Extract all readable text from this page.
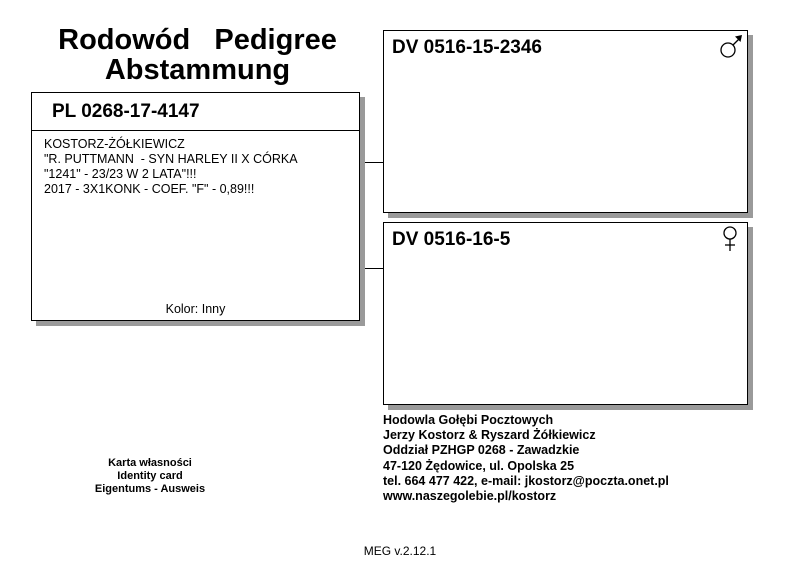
Rodowód   Pedigree
Abstammung
PL 0268-17-4147
KOSTORZ-ŻÓŁKIEWICZ
"R. PUTTMANN  - SYN HARLEY II X CÓRKA
"1241" - 23/23 W 2 LATA"!!!
2017 - 3X1KONK - COEF. "F" - 0,89!!!
Kolor: Inny
DV 0516-15-2346
DV 0516-16-5
Hodowla Gołębi Pocztowych
Jerzy Kostorz & Ryszard Żółkiewicz
Oddział PZHGP 0268 - Zawadzkie
47-120 Żędowice, ul. Opolska 25
tel. 664 477 422, e-mail: jkostorz@poczta.onet.pl
www.naszegolebie.pl/kostorz
Karta własności
Identity card
Eigentums - Ausweis
MEG v.2.12.1
